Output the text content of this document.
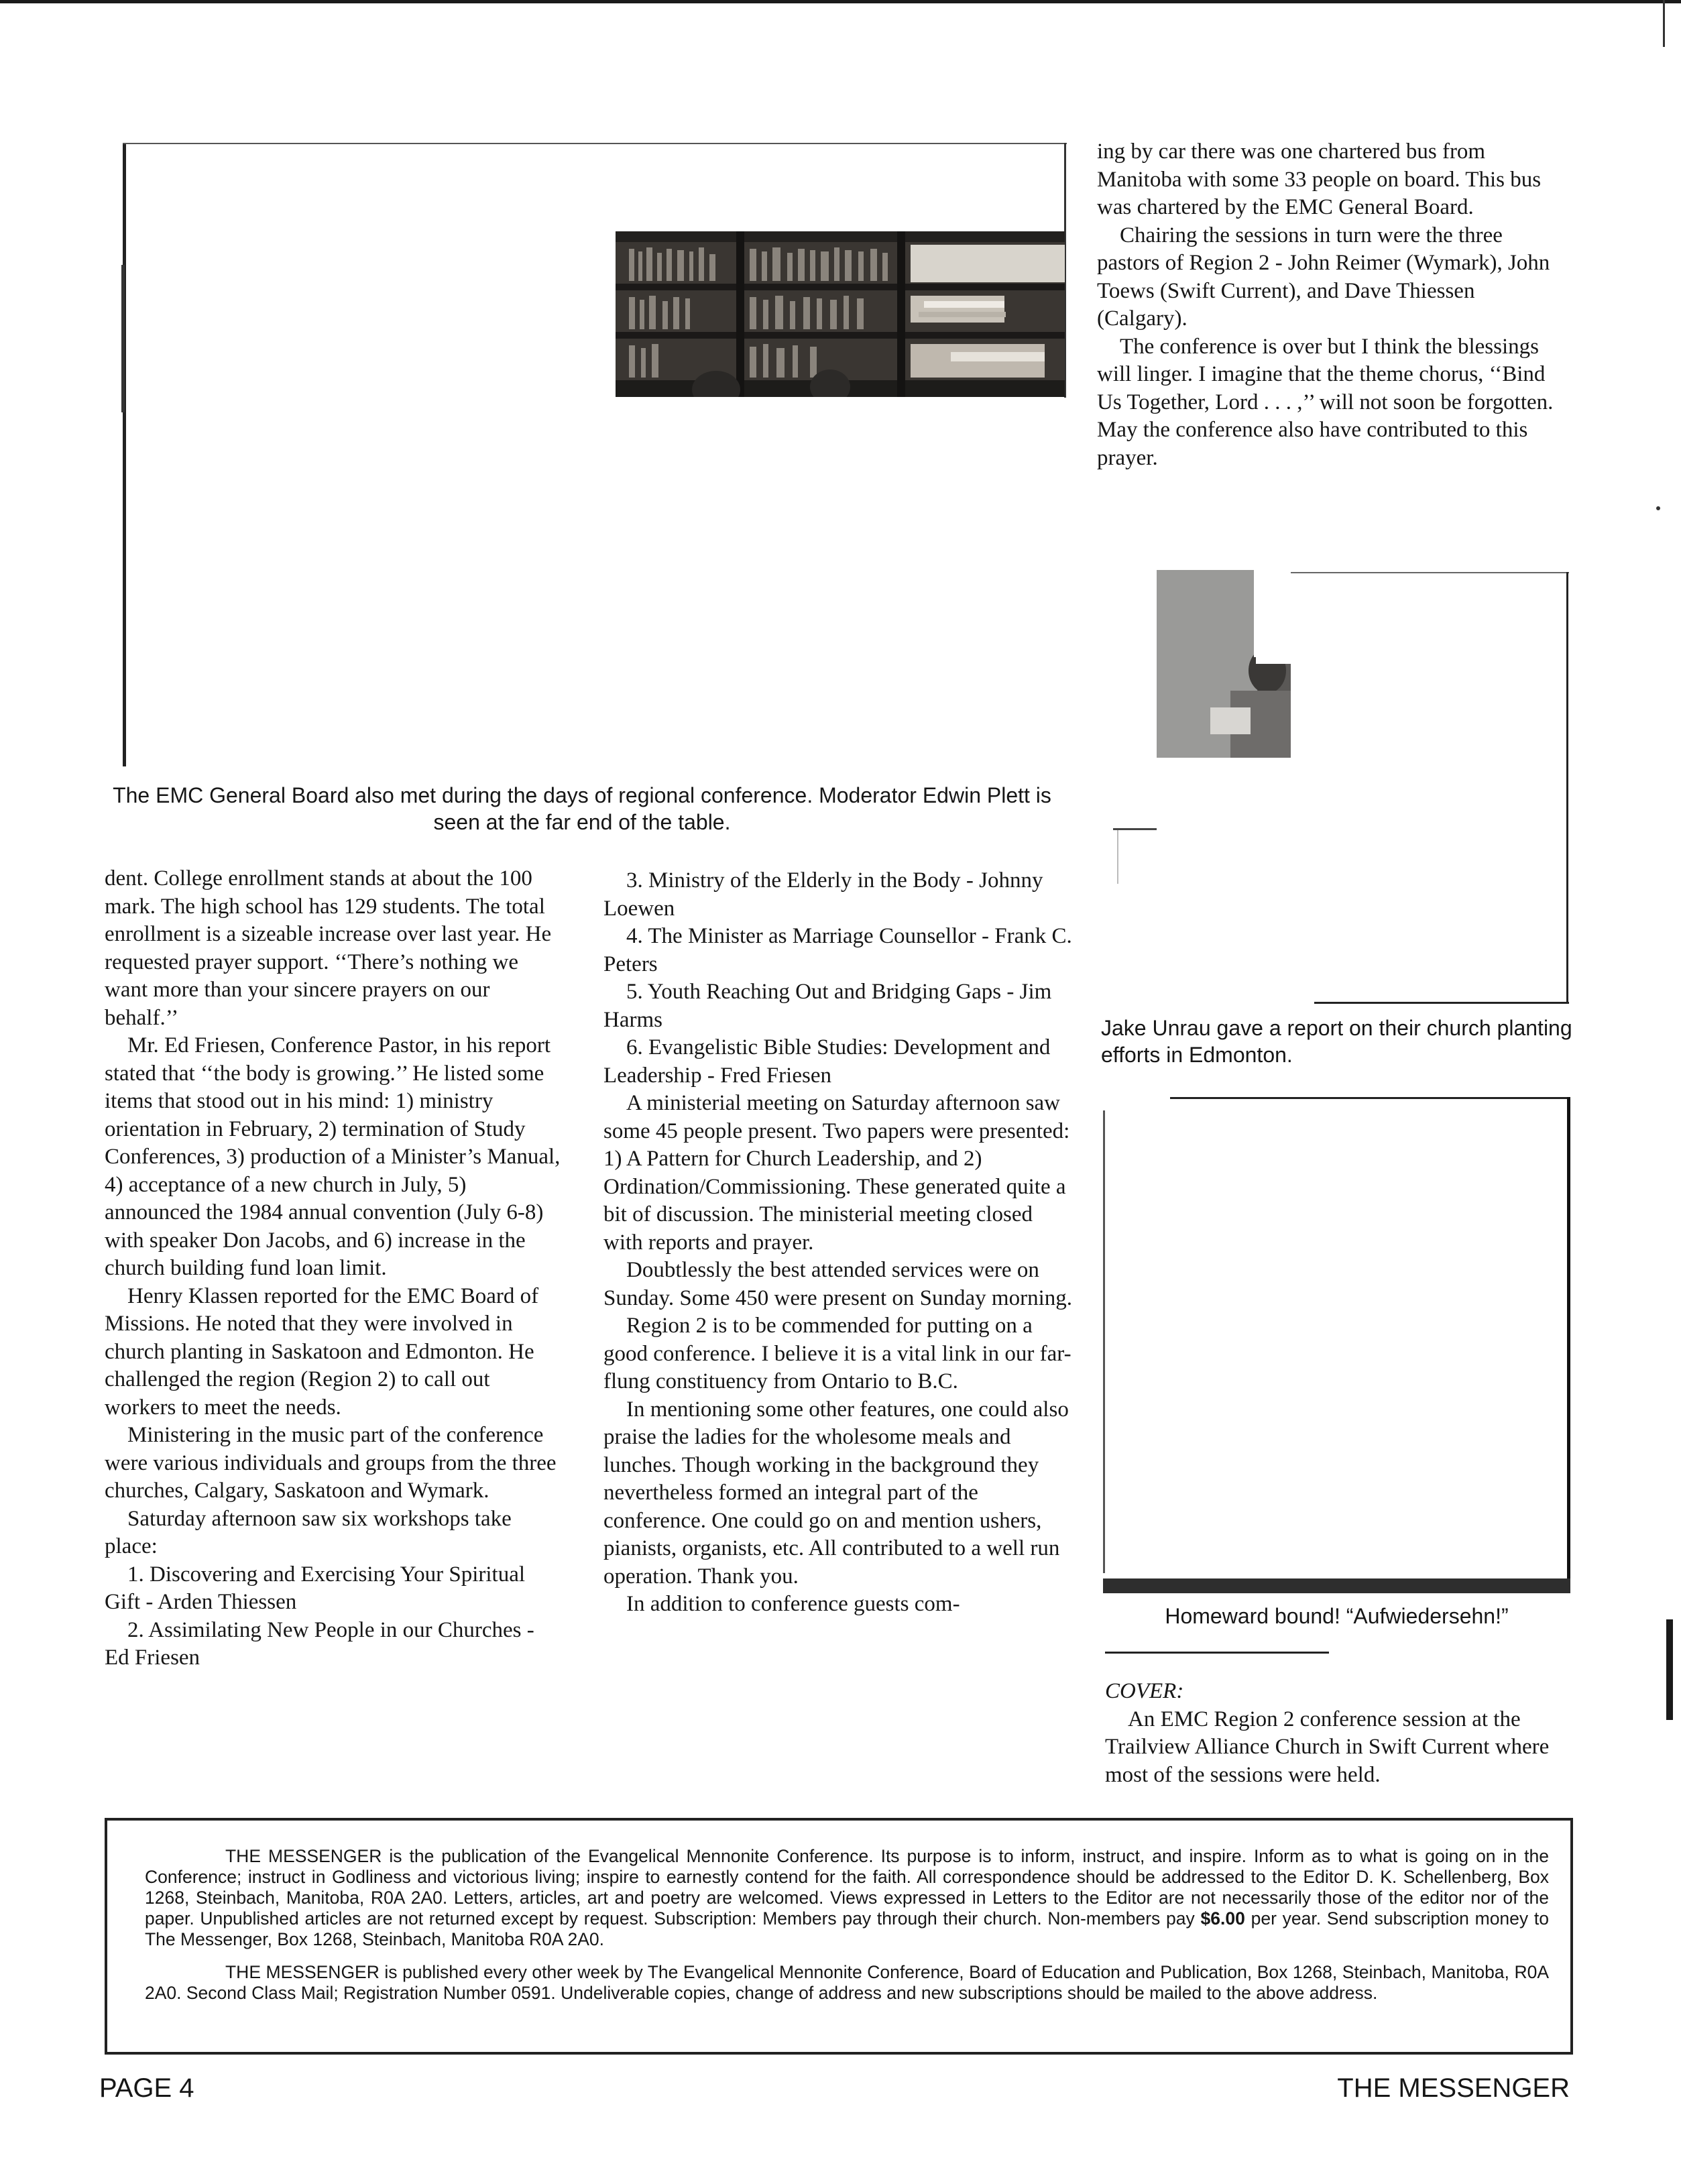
The EMC General Board also met during the days of regional conference. Moderator Edwin Plett is seen at the far end of the table.

dent. College enrollment stands at about the 100 mark. The high school has 129 students. The total enrollment is a sizeable increase over last year. He requested prayer support. ‘‘There’s nothing we want more than your sincere prayers on our behalf.’’

Mr. Ed Friesen, Conference Pastor, in his report stated that ‘‘the body is growing.’’ He listed some items that stood out in his mind: 1) ministry orientation in February, 2) termination of Study Conferences, 3) production of a Minister’s Manual, 4) acceptance of a new church in July, 5) announced the 1984 annual convention (July 6-8) with speaker Don Jacobs, and 6) increase in the church building fund loan limit.

Henry Klassen reported for the EMC Board of Missions. He noted that they were involved in church planting in Saskatoon and Edmonton. He challenged the region (Region 2) to call out workers to meet the needs.

Ministering in the music part of the conference were various individuals and groups from the three churches, Calgary, Saskatoon and Wymark.

Saturday afternoon saw six workshops take place:

1. Discovering and Exercising Your Spiritual Gift - Arden Thiessen

2. Assimilating New People in our Churches - Ed Friesen

3. Ministry of the Elderly in the Body - Johnny Loewen

4. The Minister as Marriage Counsellor - Frank C. Peters

5. Youth Reaching Out and Bridging Gaps - Jim Harms

6. Evangelistic Bible Studies: Development and Leadership - Fred Friesen

A ministerial meeting on Saturday afternoon saw some 45 people present. Two papers were presented: 1) A Pattern for Church Leadership, and 2) Ordination/Commissioning. These generated quite a bit of discussion. The ministerial meeting closed with reports and prayer.

Doubtlessly the best attended services were on Sunday. Some 450 were present on Sunday morning.

Region 2 is to be commended for putting on a good conference. I believe it is a vital link in our far-flung constituency from Ontario to B.C.

In mentioning some other features, one could also praise the ladies for the wholesome meals and lunches. Though working in the background they nevertheless formed an integral part of the conference. One could go on and mention ushers, pianists, organists, etc. All contributed to a well run operation. Thank you.

In addition to conference guests com-

ing by car there was one chartered bus from Manitoba with some 33 people on board. This bus was chartered by the EMC General Board.

Chairing the sessions in turn were the three pastors of Region 2 - John Reimer (Wymark), John Toews (Swift Current), and Dave Thiessen (Calgary).

The conference is over but I think the blessings will linger. I imagine that the theme chorus, ‘‘Bind Us Together, Lord . . . ,’’ will not soon be forgotten. May the conference also have contributed to this prayer.

Jake Unrau gave a report on their church planting efforts in Edmonton.
Homeward bound! “Aufwiedersehn!”

COVER:

An EMC Region 2 conference session at the Trailview Alliance Church in Swift Current where most of the sessions were held.

THE MESSENGER is the publication of the Evangelical Mennonite Conference. Its purpose is to inform, instruct, and inspire. Inform as to what is going on in the Conference; instruct in Godliness and victorious living; inspire to earnestly contend for the faith. All correspondence should be addressed to the Editor D. K. Schellenberg, Box 1268, Steinbach, Manitoba, R0A 2A0. Letters, articles, art and poetry are welcomed. Views expressed in Letters to the Editor are not necessarily those of the editor nor of the paper. Unpublished articles are not returned except by request. Subscription: Members pay through their church. Non-members pay $6.00 per year. Send subscription money to The Messenger, Box 1268, Steinbach, Manitoba R0A 2A0.

THE MESSENGER is published every other week by The Evangelical Mennonite Conference, Board of Education and Publication, Box 1268, Steinbach, Manitoba, R0A 2A0. Second Class Mail; Registration Number 0591. Undeliverable copies, change of address and new subscriptions should be mailed to the above address.

PAGE 4	THE MESSENGER
